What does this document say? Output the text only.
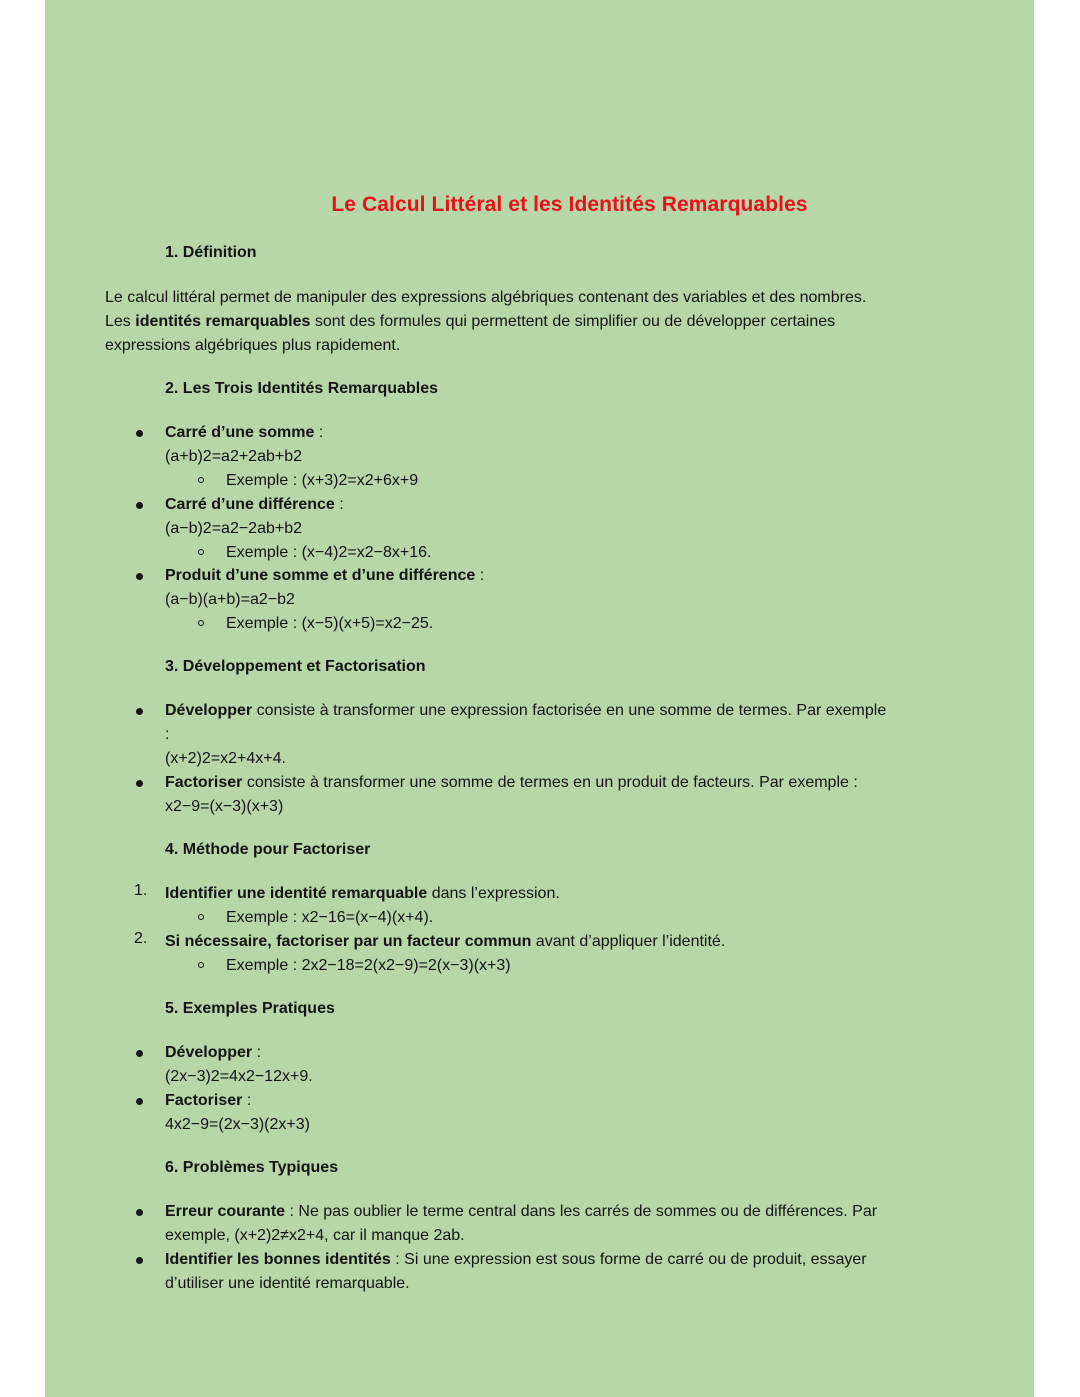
Le Calcul Littéral et les Identités Remarquables
1. Définition
Le calcul littéral permet de manipuler des expressions algébriques contenant des variables et des nombres.
Les identités remarquables sont des formules qui permettent de simplifier ou de développer certaines
expressions algébriques plus rapidement.
2. Les Trois Identités Remarquables
Carré d’une somme :
(a+b)2=a2+2ab+b2
Exemple : (x+3)2=x2+6x+9
Carré d’une différence :
(a−b)2=a2−2ab+b2
Exemple : (x−4)2=x2−8x+16.
Produit d’une somme et d’une différence :
(a−b)(a+b)=a2−b2
Exemple : (x−5)(x+5)=x2−25.
3. Développement et Factorisation
Développer consiste à transformer une expression factorisée en une somme de termes. Par exemple
:
(x+2)2=x2+4x+4.
Factoriser consiste à transformer une somme de termes en un produit de facteurs. Par exemple :
x2−9=(x−3)(x+3)
4. Méthode pour Factoriser
1. Identifier une identité remarquable dans l’expression.
Exemple : x2−16=(x−4)(x+4).
2. Si nécessaire, factoriser par un facteur commun avant d’appliquer l’identité.
Exemple : 2x2−18=2(x2−9)=2(x−3)(x+3)
5. Exemples Pratiques
Développer :
(2x−3)2=4x2−12x+9.
Factoriser :
4x2−9=(2x−3)(2x+3)
6. Problèmes Typiques
Erreur courante : Ne pas oublier le terme central dans les carrés de sommes ou de différences. Par
exemple, (x+2)2≠x2+4, car il manque 2ab.
Identifier les bonnes identités : Si une expression est sous forme de carré ou de produit, essayer
d’utiliser une identité remarquable.
